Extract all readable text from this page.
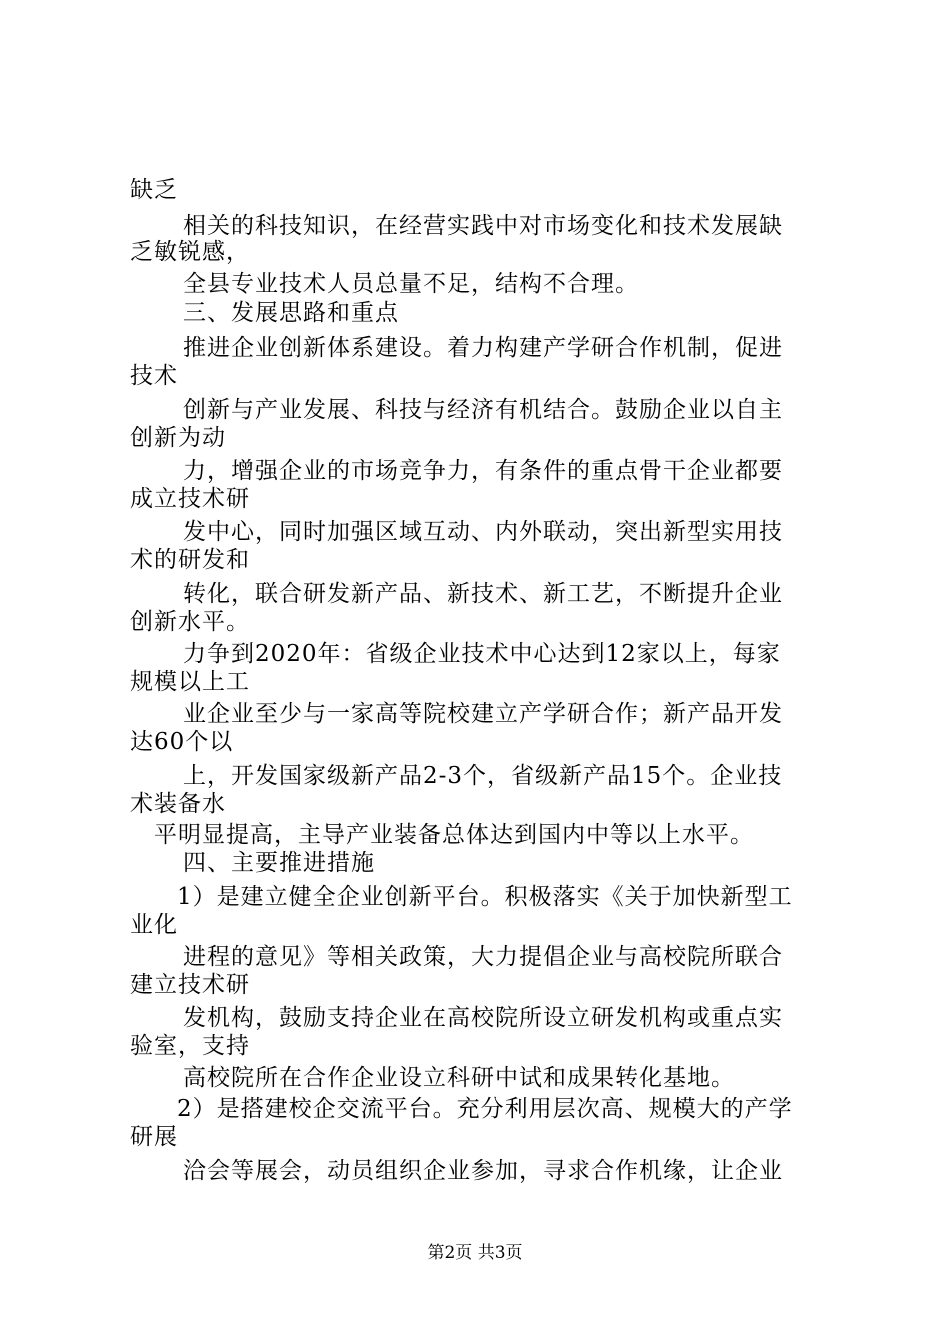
缺乏
相关的科技知识，在经营实践中对市场变化和技术发展缺
乏敏锐感，
全县专业技术人员总量不足，结构不合理。
三、发展思路和重点
推进企业创新体系建设。着力构建产学研合作机制，促进
技术
创新与产业发展、科技与经济有机结合。鼓励企业以自主
创新为动
力，增强企业的市场竞争力，有条件的重点骨干企业都要
成立技术研
发中心，同时加强区域互动、内外联动，突出新型实用技
术的研发和
转化，联合研发新产品、新技术、新工艺，不断提升企业
创新水平。
力争到2020年：省级企业技术中心达到12家以上，每家
规模以上工
业企业至少与一家高等院校建立产学研合作；新产品开发
达60个以
上，开发国家级新产品2-3个，省级新产品15个。企业技
术装备水
平明显提高，主导产业装备总体达到国内中等以上水平。
四、主要推进措施
1）是建立健全企业创新平台。积极落实《关于加快新型工
业化
进程的意见》等相关政策，大力提倡企业与高校院所联合
建立技术研
发机构，鼓励支持企业在高校院所设立研发机构或重点实
验室，支持
高校院所在合作企业设立科研中试和成果转化基地。
2）是搭建校企交流平台。充分利用层次高、规模大的产学
研展
洽会等展会，动员组织企业参加，寻求合作机缘，让企业
第2页 共3页
